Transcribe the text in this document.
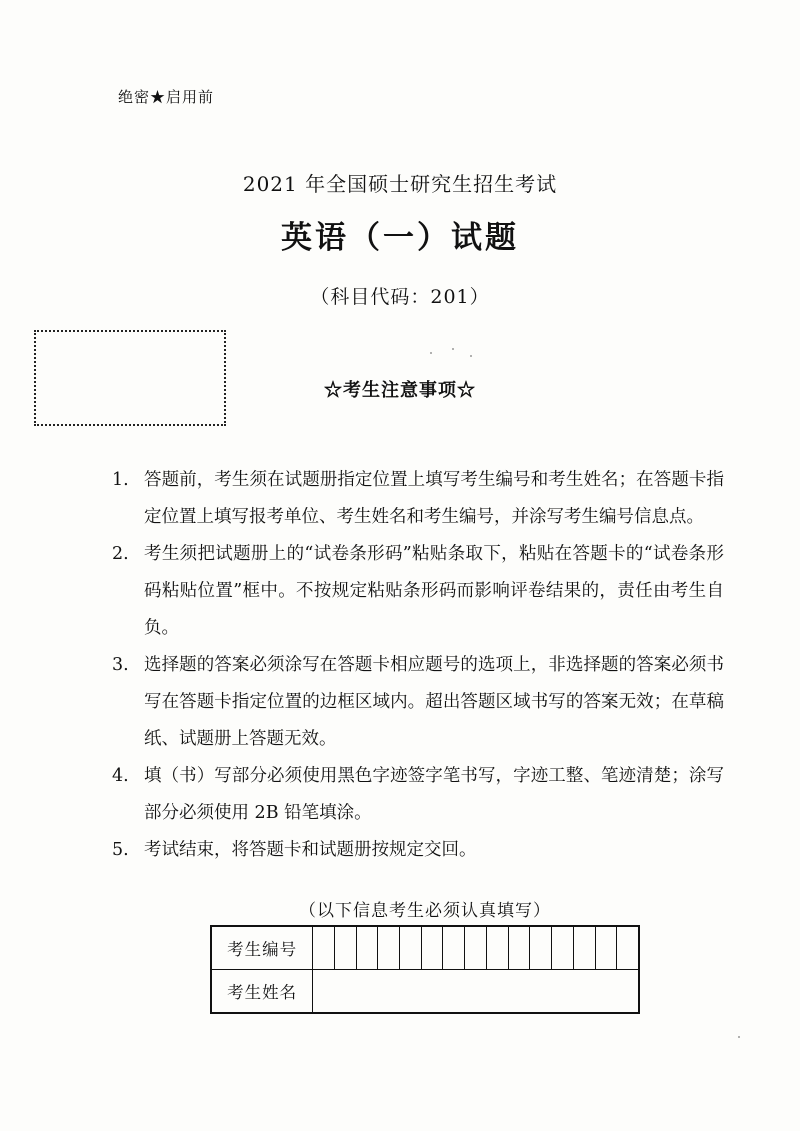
绝密★启用前
2021 年全国硕士研究生招生考试
英语（一）试题
（科目代码：201）
☆考生注意事项☆
1. 答题前，考生须在试题册指定位置上填写考生编号和考生姓名；在答题卡指定位置上填写报考单位、考生姓名和考生编号，并涂写考生编号信息点。
2. 考生须把试题册上的“试卷条形码”粘贴条取下，粘贴在答题卡的“试卷条形码粘贴位置”框中。不按规定粘贴条形码而影响评卷结果的，责任由考生自负。
3. 选择题的答案必须涂写在答题卡相应题号的选项上，非选择题的答案必须书写在答题卡指定位置的边框区域内。超出答题区域书写的答案无效；在草稿纸、试题册上答题无效。
4. 填（书）写部分必须使用黑色字迹签字笔书写，字迹工整、笔迹清楚；涂写部分必须使用 2B 铅笔填涂。
5. 考试结束，将答题卡和试题册按规定交回。
（以下信息考生必须认真填写）
考生编号															
考生姓名															
